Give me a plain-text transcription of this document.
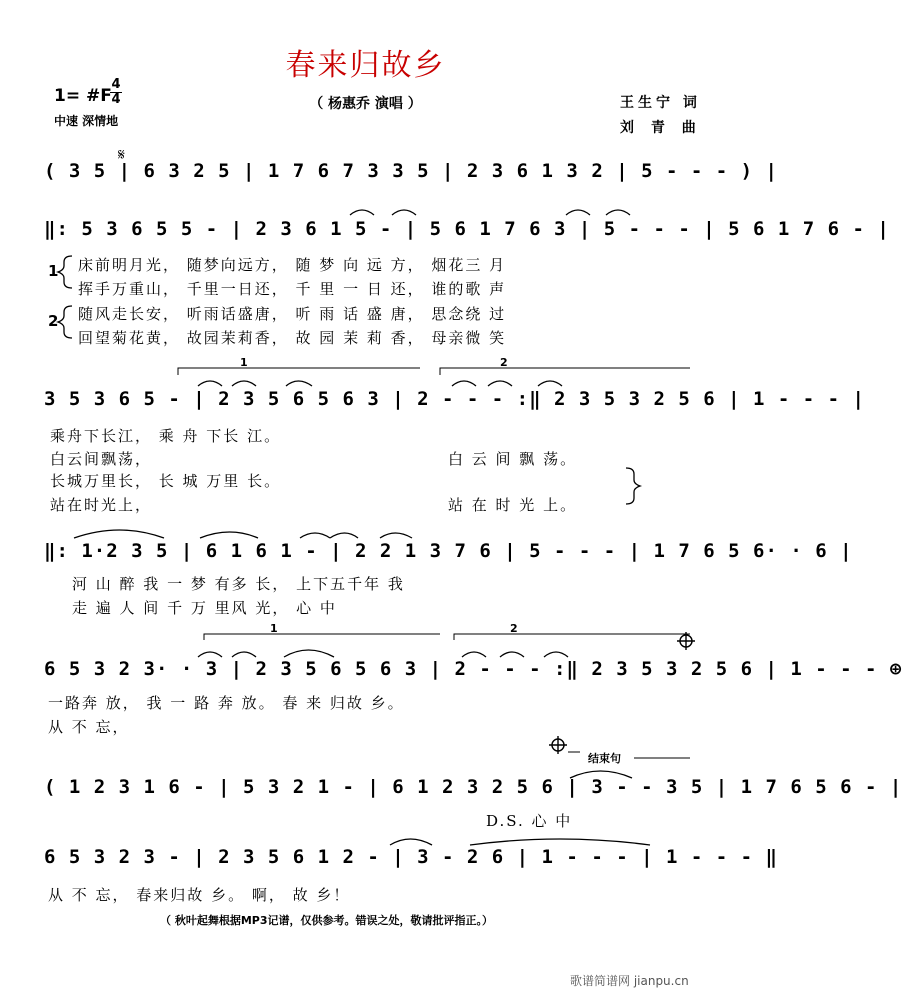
春来归故乡
（ 杨惠乔 演唱 ）
1= #F
4
4
中速 深情地
王生宁 词
刘 青 曲
𝄋
( 3 5 | 6 3 2 5 | 1 7 6 7 3 3 5 | 2 3 6 1 3 2 | 5 - - - ) |
‖: 5 3 6 5 5 - | 2 3 6 1 5 - | 5 6 1 7 6 3 | 5 - - - | 5 6 1 7 6 - |
3 5 3 6 5 - | 2 3 5 6 5 6 3 | 2 - - - :‖ 2 3 5 3 2 5 6 | 1 - - - |
‖: 1·2 3 5 | 6 1 6 1 - | 2 2 1 3 7 6 | 5 - - - | 1 7 6 5 6· · 6 |
6 5 3 2 3· · 3 | 2 3 5 6 5 6 3 | 2 - - - :‖ 2 3 5 3 2 5 6 | 1 - - - ⊕
( 1 2 3 1 6 - | 5 3 2 1 - | 6 1 2 3 2 5 6 | 3 - - 3 5 | 1 7 6 5 6 - |
6 5 3 2 3 - | 2 3 5 6 1 2 - | 3 - 2 6 | 1 - - - | 1 - - - ‖
1
2
床前明月光， 随梦向远方， 随 梦 向 远 方， 烟花三 月
挥手万重山， 千里一日还， 千 里 一 日 还， 谁的歌 声
随风走长安， 听雨话盛唐， 听 雨 话 盛 唐， 思念绕 过
回望菊花黄， 故园茉莉香， 故 园 茉 莉 香， 母亲微 笑
乘舟下长江， 乘 舟 下长 江。
白云间飘荡，	白 云 间 飘 荡。
长城万里长， 长 城 万里 长。
站在时光上，	站 在 时 光 上。
河 山 醉 我 一 梦 有多 长， 上下五千年 我
走 遍 人 间 千 万 里风 光， 心 中
一路奔 放， 我 一 路 奔 放。 春 来 归故 乡。
从 不 忘，
D.S. 心 中
从 不 忘， 春来归故 乡。 啊， 故 乡！
1	2
1	2
结束句
（ 秋叶起舞根据MP3记谱，仅供参考。错误之处，敬请批评指正。）
歌谱简谱网 jianpu.cn
